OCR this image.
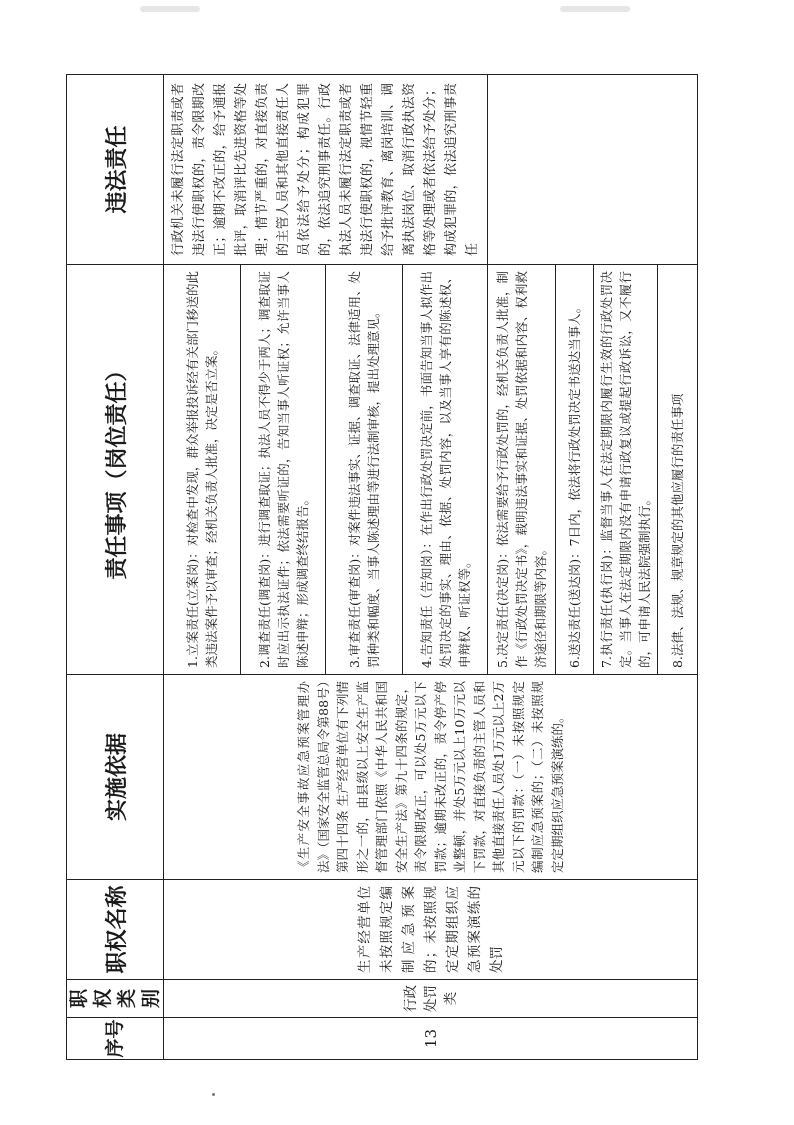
序号	职权类别	职权名称	实施依据	责任事项（岗位责任）	违法责任
13	行政处罚类	生产经营单位未按照规定编制应急预案的；未按照规定定期组织应急预案演练的处罚	《生产安全事故应急预案管理办法》（国家安全监管总局令第88号）第四十四条 生产经营单位有下列情形之一的，由县级以上安全生产监督管理部门依照《中华人民共和国安全生产法》第九十四条的规定，责令限期改正，可以处5万元以下罚款；逾期未改正的，责令停产停业整顿，并处5万元以上10万元以下罚款，对直接负责的主管人员和其他直接责任人员处1万元以上2万元以下的罚款：（一）未按照规定编制应急预案的；（二）未按照规定定期组织应急预案演练的。	1.立案责任(立案岗)：对检查中发现，群众举报投诉经有关部门移送的此类违法案件予以审查；经机关负责人批准，决定是否立案。	行政机关未履行法定职责或者违法行使职权的，责令限期改正；逾期不改正的，给予通报批评，取消评比先进资格等处理；情节严重的，对直接负责的主管人员和其他直接责任人员依法给予处分；构成犯罪的，依法追究刑事责任。行政执法人员未履行法定职责或者违法行使职权的，视情节轻重给予批评教育、离岗培训、调离执法岗位、取消行政执法资格等处理或者依法给予处分；构成犯罪的，依法追究刑事责任
				2.调查责任(调查岗)：进行调查取证；执法人员不得少于两人；调查取证时应出示执法证件；依法需要听证的，告知当事人听证权；允许当事人陈述申辩；形成调查终结报告。	
				3.审查责任(审查岗)：对案件违法事实、证据、调查取证、法律适用、处罚种类和幅度、当事人陈述理由等进行法制审核，提出处理意见。	
				4.告知责任（告知岗）：在作出行政处罚决定前，书面告知当事人拟作出处罚决定的事实、理由、依据、处罚内容，以及当事人享有的陈述权、申辩权、听证权等。	
				5.决定责任(决定岗)：依法需要给予行政处罚的，经机关负责人批准，制作《行政处罚决定书》，载明违法事实和证据、处罚依据和内容、权利救济途径和期限等内容。	
				6.送达责任(送达岗)：7日内，依法将行政处罚决定书送达当事人。	
				7.执行责任(执行岗)：监督当事人在法定期限内履行生效的行政处罚决定。当事人在法定期限内没有申请行政复议或提起行政诉讼，又不履行的，可申请人民法院强制执行。	
				8.法律、法规、规章规定的其他应履行的责任事项	
